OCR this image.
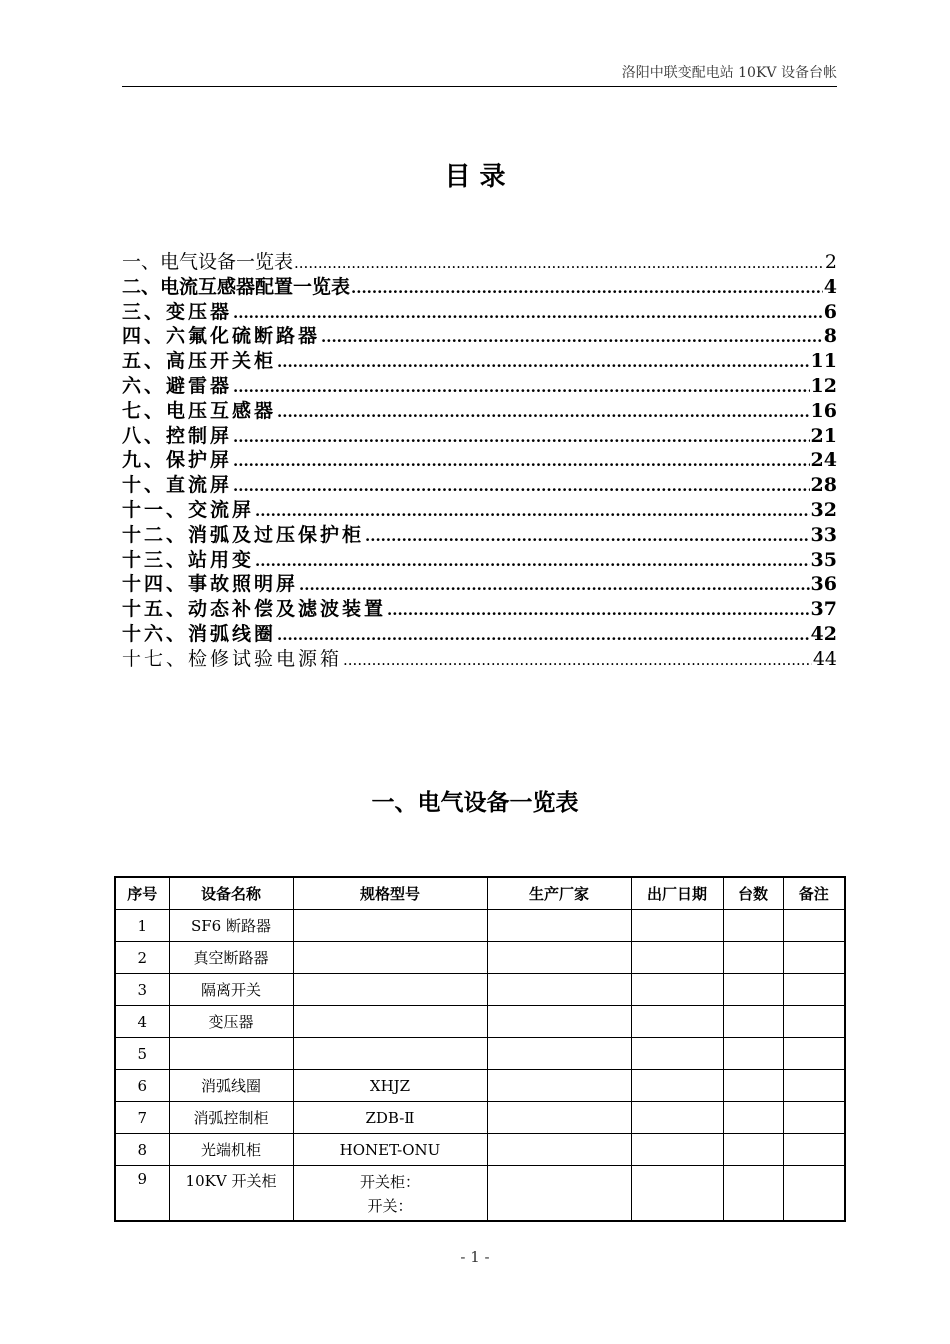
洛阳中联变配电站 10KV 设备台帐
目 录
一、电气设备一览表 .....	2
二、电流互感器配置一览表 .....	4
三、变压器 .....	6
四、六氟化硫断路器 .....	8
五、高压开关柜 .....	11
六、避雷器 .....	12
七、电压互感器 .....	16
八、控制屏 .....	21
九、保护屏 .....	24
十、直流屏 .....	28
十一、交流屏 .....	32
十二、消弧及过压保护柜 .....	33
十三、站用变 .....	35
十四、事故照明屏 .....	36
十五、动态补偿及滤波装置 .....	37
十六、消弧线圈 .....	42
十七、检修试验电源箱 .....	44
一、电气设备一览表
序号	设备名称	规格型号	生产厂家	出厂日期	台数	备注
1	SF6 断路器					
2	真空断路器					
3	隔离开关					
4	变压器					
5						
6	消弧线圈	XHJZ				
7	消弧控制柜	ZDB-Ⅱ				
8	光端机柜	HONET-ONU				
9	10KV 开关柜	开关柜：
开关：				

- 1 -
